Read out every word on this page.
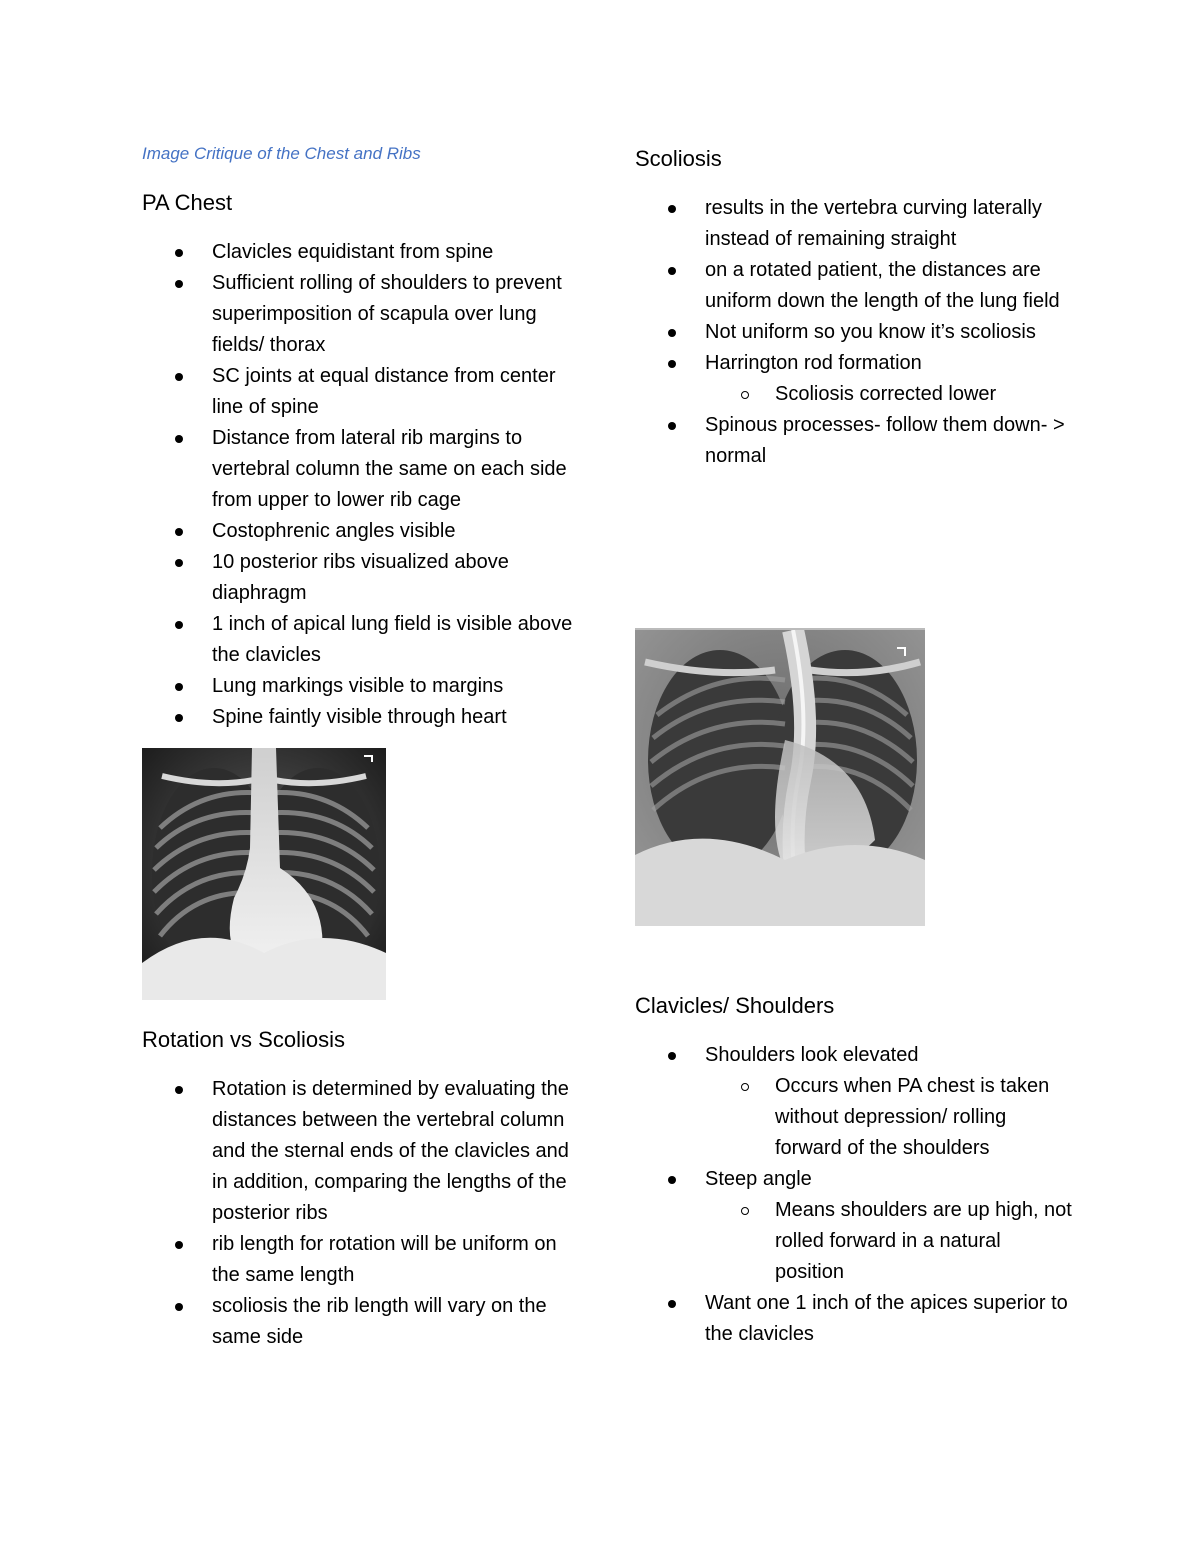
Image Critique of the Chest and Ribs
PA Chest
Clavicles equidistant from spine
Sufficient rolling of shoulders to prevent superimposition of scapula over lung fields/ thorax
SC joints at equal distance from center line of spine
Distance from lateral rib margins to vertebral column the same on each side from upper to lower rib cage
Costophrenic angles visible
10 posterior ribs visualized above diaphragm
1 inch of apical lung field is visible above the clavicles
Lung markings visible to margins
Spine faintly visible through heart
Rotation vs Scoliosis
Rotation is determined by evaluating the distances between the vertebral column and the sternal ends of the clavicles and in addition, comparing the lengths of the posterior ribs
rib length for rotation will be uniform on the same length
scoliosis the rib length will vary on the same side
Scoliosis
results in the vertebra curving laterally instead of remaining straight
on a rotated patient, the distances are uniform down the length of the lung field
Not uniform so you know it’s scoliosis
Harrington rod formation
Scoliosis corrected lower
Spinous processes- follow them down- > normal
Clavicles/ Shoulders
Shoulders look elevated
Occurs when PA chest is taken without depression/ rolling forward of the shoulders
Steep angle
Means shoulders are up high, not rolled forward in a natural position
Want one 1 inch of the apices superior to the clavicles
